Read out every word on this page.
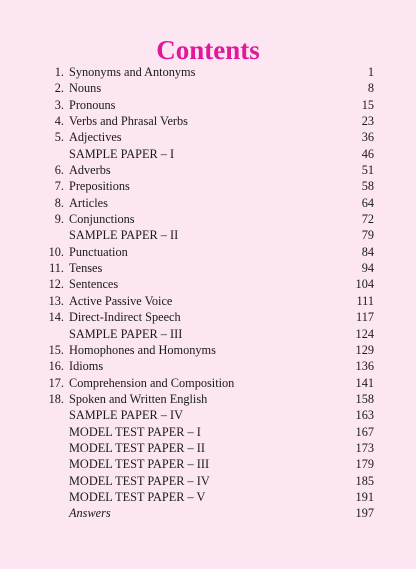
Contents
1. Synonyms and Antonyms	1
2. Nouns	8
3. Pronouns	15
4. Verbs and Phrasal Verbs	23
5. Adjectives	36
SAMPLE PAPER – I	46
6. Adverbs	51
7. Prepositions	58
8. Articles	64
9. Conjunctions	72
SAMPLE PAPER – II	79
10. Punctuation	84
11. Tenses	94
12. Sentences	104
13. Active Passive Voice	111
14. Direct-Indirect Speech	117
SAMPLE PAPER – III	124
15. Homophones and Homonyms	129
16. Idioms	136
17. Comprehension and Composition	141
18. Spoken and Written English	158
SAMPLE PAPER – IV	163
MODEL TEST PAPER – I	167
MODEL TEST PAPER – II	173
MODEL TEST PAPER – III	179
MODEL TEST PAPER – IV	185
MODEL TEST PAPER – V	191
Answers	197
